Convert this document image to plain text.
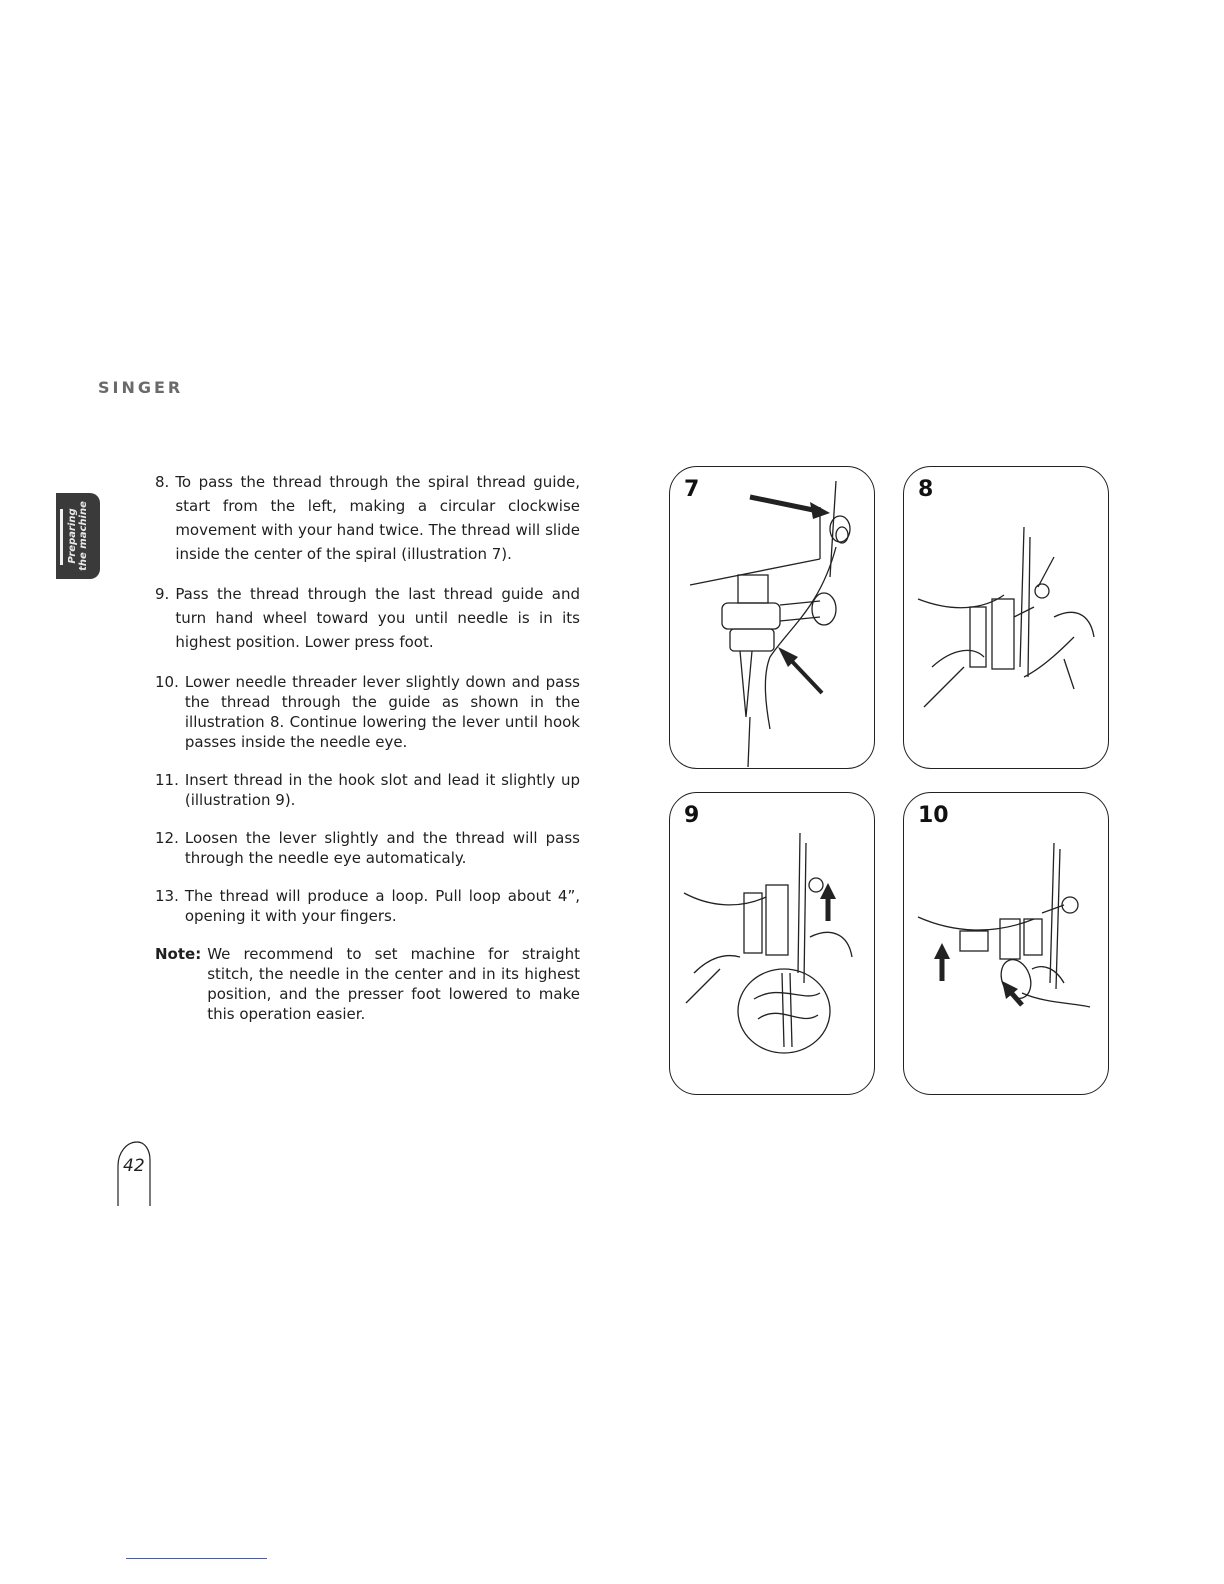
SINGER
Preparing the machine
8. To pass the thread through the spiral thread guide, start from the left, making a circular clockwise movement with your hand twice. The thread will slide inside the center of the spiral (illustration 7).
9. Pass the thread through the last thread guide and turn hand wheel toward you until needle is in its highest position. Lower press foot.
10. Lower needle threader lever slightly down and pass the thread through the guide as shown in the illustration 8. Continue lowering the lever until hook passes inside the needle eye.
11. Insert thread in the hook slot and lead it slightly up (illustration 9).
12. Loosen the lever slightly and the thread will pass through the needle eye automaticaly.
13. The thread will produce a loop. Pull loop about 4”, opening it with your fingers.
Note: We recommend to set machine for straight stitch, the needle in the center and in its highest position, and the presser foot lowered to make this operation easier.
7	8
9	10
42
